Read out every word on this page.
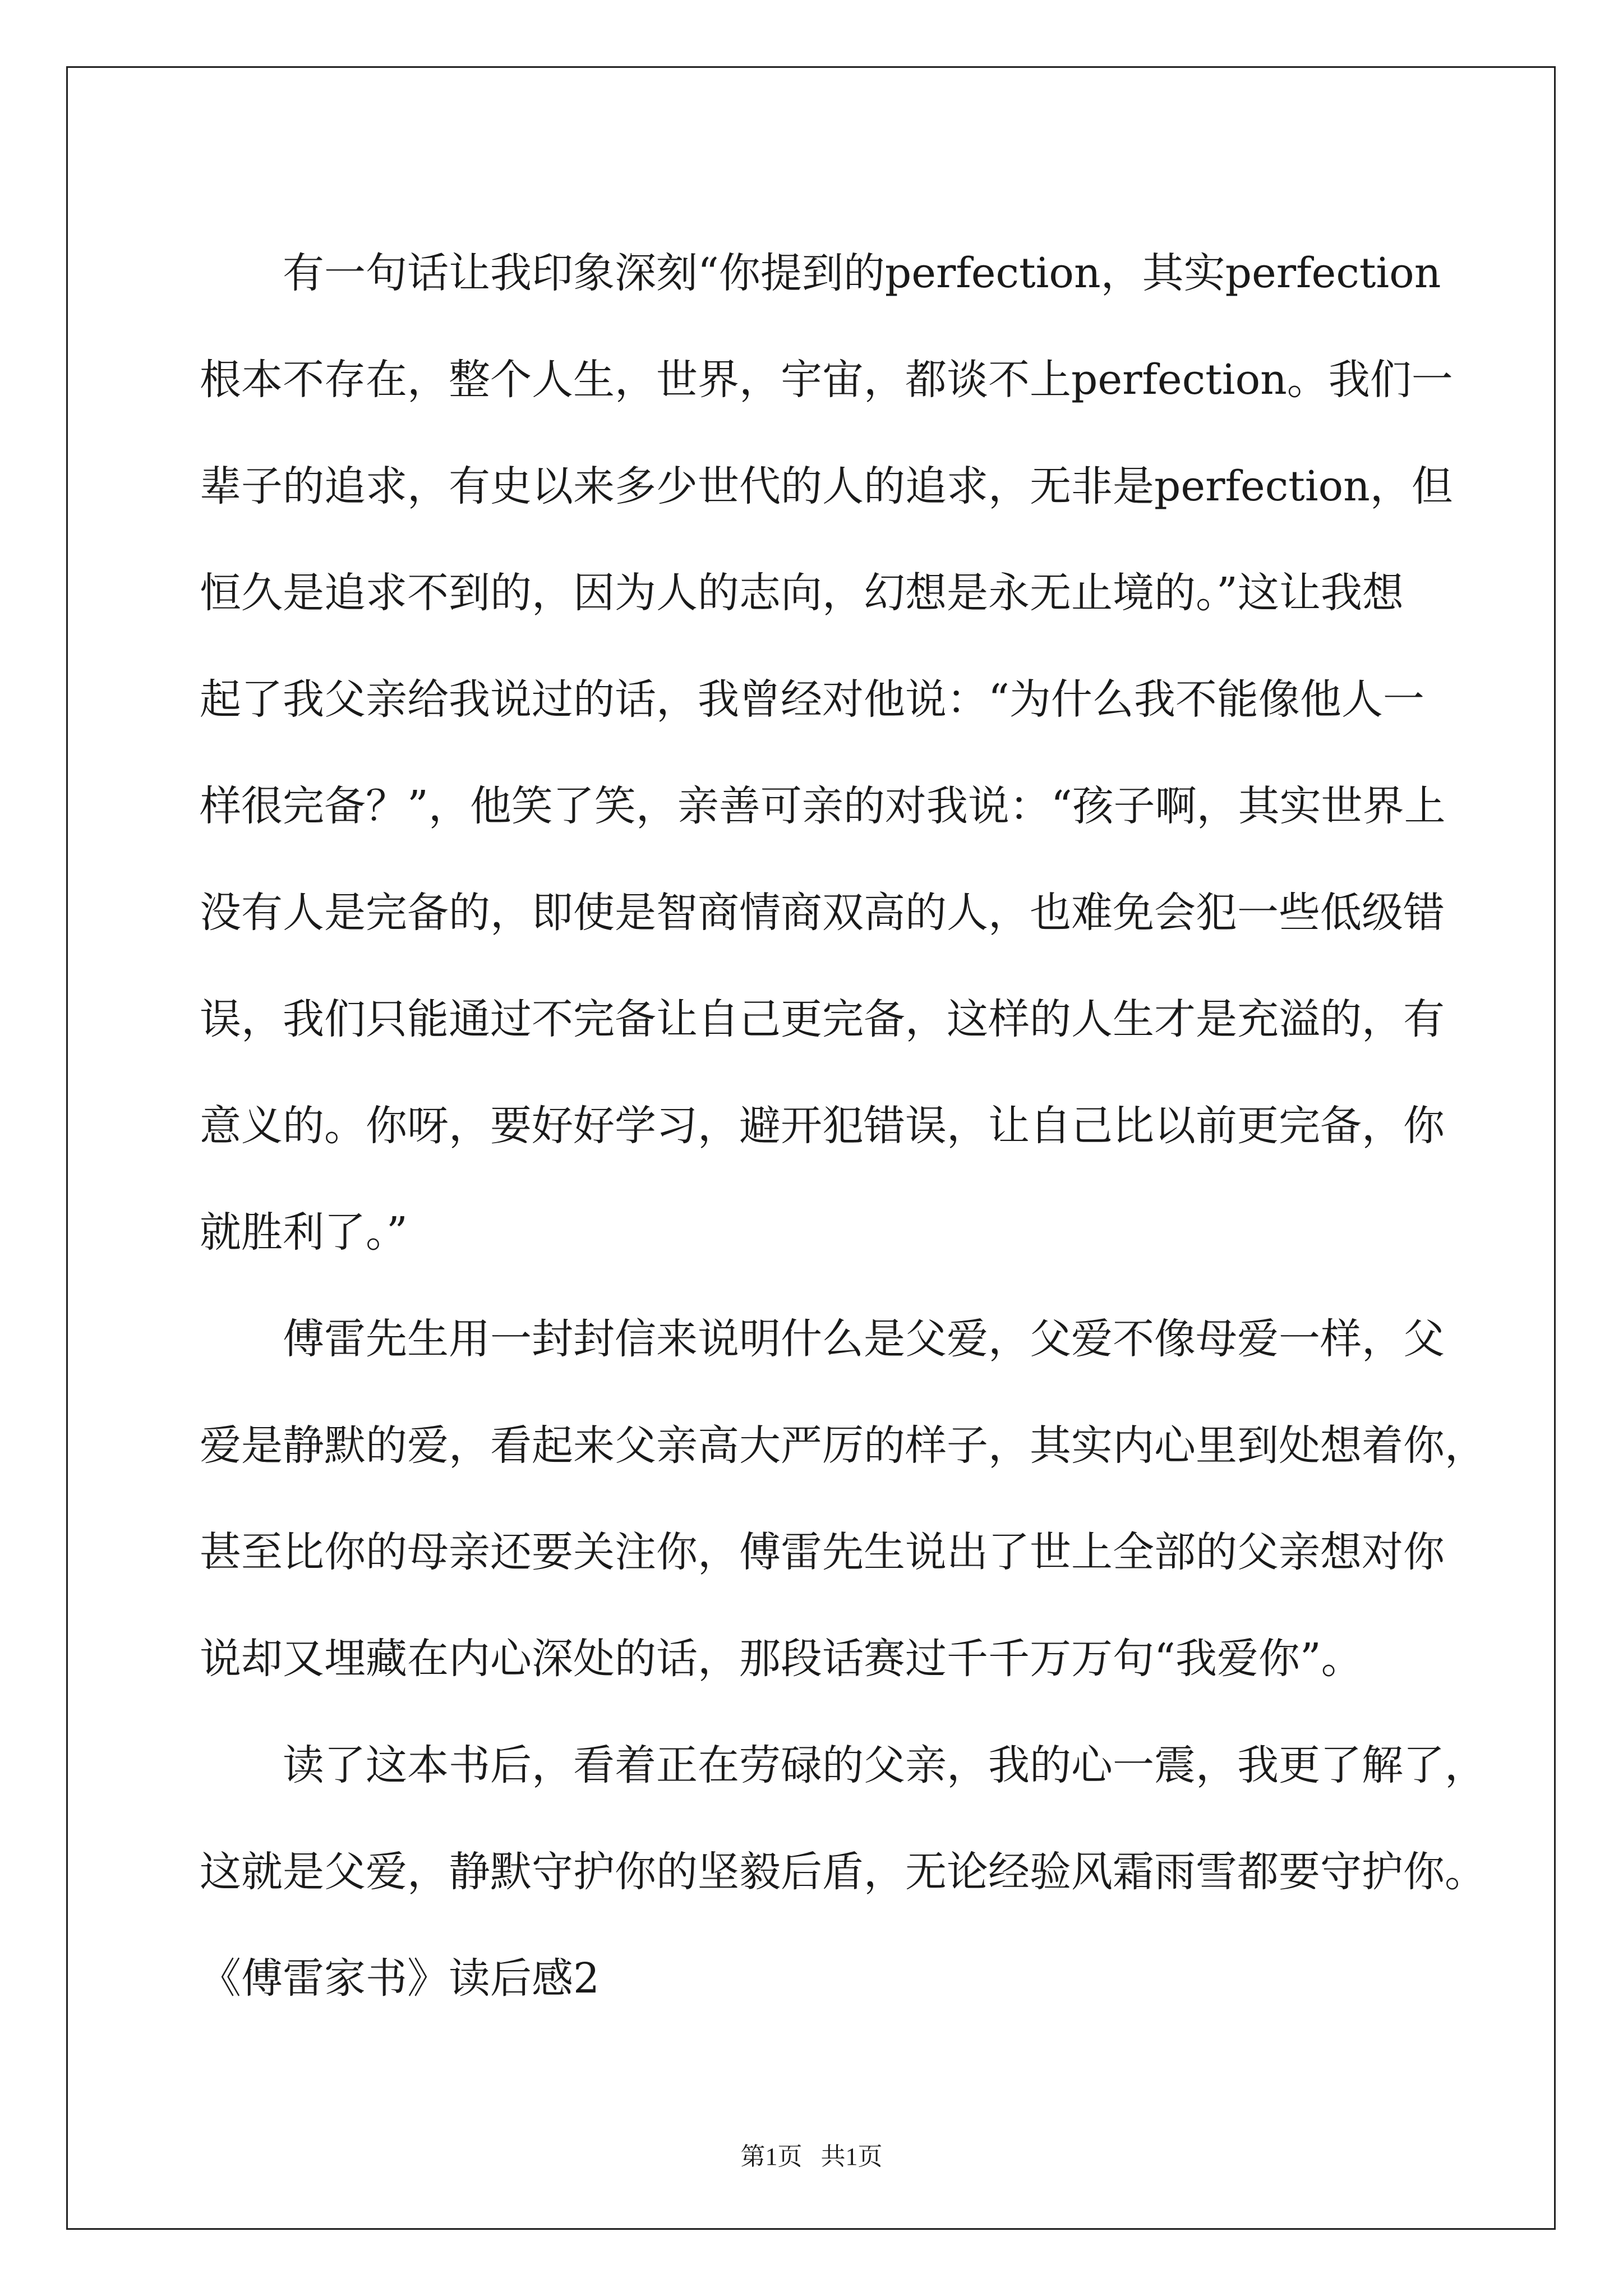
有一句话让我印象深刻“你提到的perfection，其实perfection
根本不存在，整个人生，世界，宇宙，都谈不上perfection。我们一
辈子的追求，有史以来多少世代的人的追求，无非是perfection，但
恒久是追求不到的，因为人的志向，幻想是永无止境的。”这让我想
起了我父亲给我说过的话，我曾经对他说：“为什么我不能像他人一
样很完备？”，他笑了笑，亲善可亲的对我说：“孩子啊，其实世界上
没有人是完备的，即使是智商情商双高的人，也难免会犯一些低级错
误，我们只能通过不完备让自己更完备，这样的人生才是充溢的，有
意义的。你呀，要好好学习，避开犯错误，让自己比以前更完备，你
就胜利了。”
傅雷先生用一封封信来说明什么是父爱，父爱不像母爱一样，父
爱是静默的爱，看起来父亲高大严厉的样子，其实内心里到处想着你，
甚至比你的母亲还要关注你，傅雷先生说出了世上全部的父亲想对你
说却又埋藏在内心深处的话，那段话赛过千千万万句“我爱你”。
读了这本书后，看着正在劳碌的父亲，我的心一震，我更了解了，
这就是父爱，静默守护你的坚毅后盾，无论经验风霜雨雪都要守护你。
《傅雷家书》读后感2
第1页 共1页
